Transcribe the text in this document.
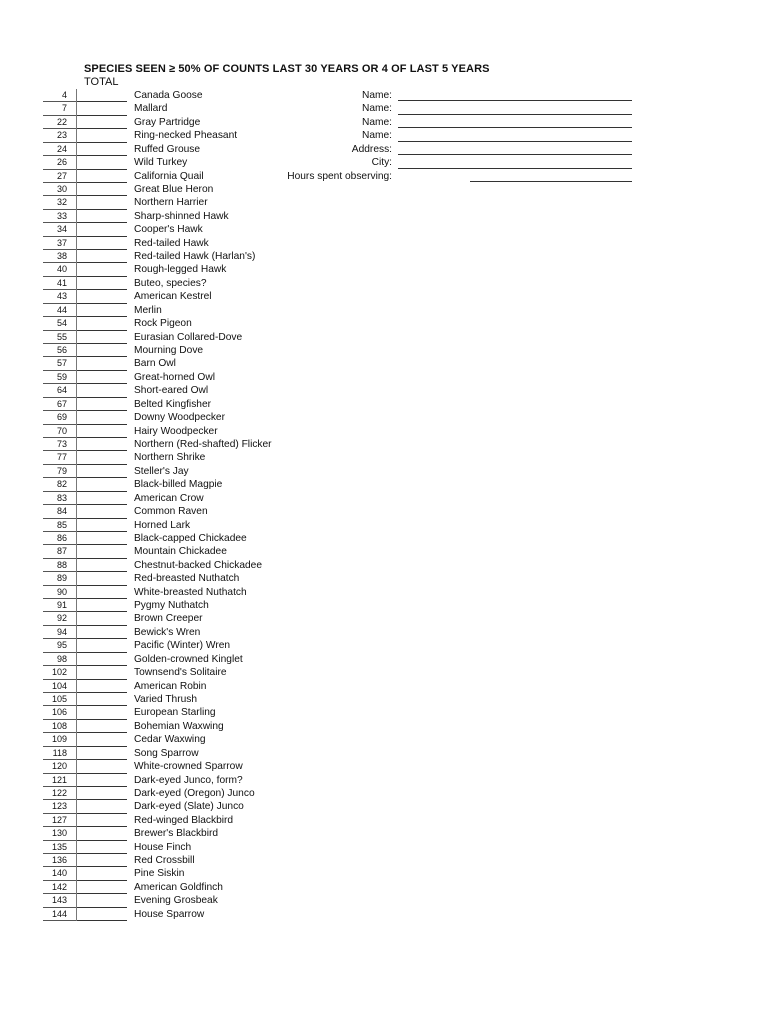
SPECIES SEEN ≥ 50% OF COUNTS LAST 30 YEARS OR 4 OF LAST 5 YEARS
TOTAL
4	Canada Goose
7	Mallard
22	Gray Partridge
23	Ring-necked Pheasant
24	Ruffed Grouse
26	Wild Turkey
27	California Quail
30	Great Blue Heron
32	Northern Harrier
33	Sharp-shinned Hawk
34	Cooper's Hawk
37	Red-tailed Hawk
38	Red-tailed Hawk (Harlan's)
40	Rough-legged Hawk
41	Buteo, species?
43	American Kestrel
44	Merlin
54	Rock Pigeon
55	Eurasian Collared-Dove
56	Mourning Dove
57	Barn Owl
59	Great-horned Owl
64	Short-eared Owl
67	Belted Kingfisher
69	Downy Woodpecker
70	Hairy Woodpecker
73	Northern (Red-shafted) Flicker
77	Northern Shrike
79	Steller's Jay
82	Black-billed Magpie
83	American Crow
84	Common Raven
85	Horned Lark
86	Black-capped Chickadee
87	Mountain Chickadee
88	Chestnut-backed Chickadee
89	Red-breasted Nuthatch
90	White-breasted Nuthatch
91	Pygmy Nuthatch
92	Brown Creeper
94	Bewick's Wren
95	Pacific (Winter) Wren
98	Golden-crowned Kinglet
102	Townsend's Solitaire
104	American Robin
105	Varied Thrush
106	European Starling
108	Bohemian Waxwing
109	Cedar Waxwing
118	Song Sparrow
120	White-crowned Sparrow
121	Dark-eyed Junco, form?
122	Dark-eyed (Oregon) Junco
123	Dark-eyed (Slate) Junco
127	Red-winged Blackbird
130	Brewer's Blackbird
135	House Finch
136	Red Crossbill
140	Pine Siskin
142	American Goldfinch
143	Evening Grosbeak
144	House Sparrow
Name:
Name:
Name:
Name:
Address:
City:
Hours spent observing:
